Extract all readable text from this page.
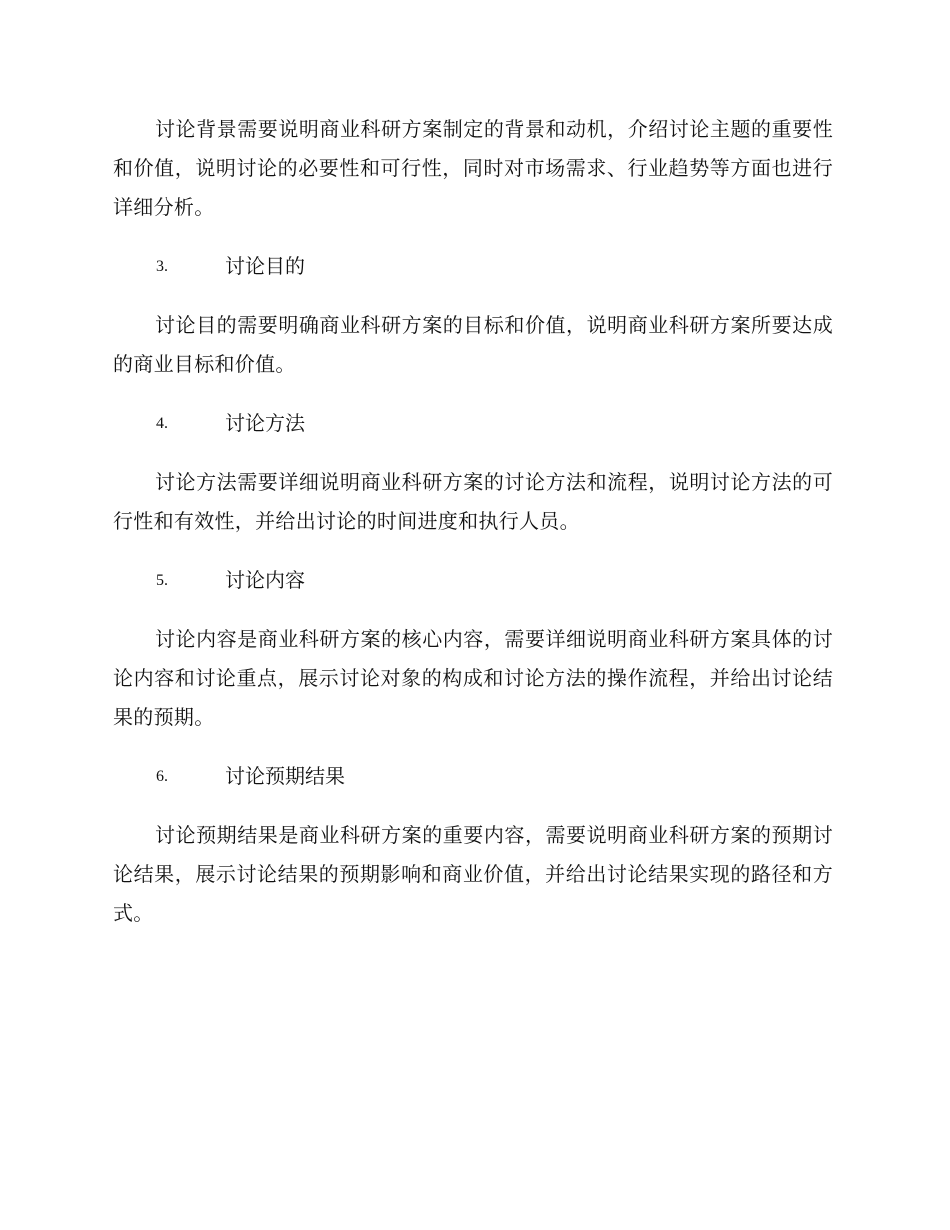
讨论背景需要说明商业科研方案制定的背景和动机，介绍讨论主题的重要性和价值，说明讨论的必要性和可行性，同时对市场需求、行业趋势等方面也进行详细分析。

3.	讨论目的

讨论目的需要明确商业科研方案的目标和价值，说明商业科研方案所要达成的商业目标和价值。

4.	讨论方法

讨论方法需要详细说明商业科研方案的讨论方法和流程，说明讨论方法的可行性和有效性，并给出讨论的时间进度和执行人员。

5.	讨论内容

讨论内容是商业科研方案的核心内容，需要详细说明商业科研方案具体的讨论内容和讨论重点，展示讨论对象的构成和讨论方法的操作流程，并给出讨论结果的预期。

6.	讨论预期结果

讨论预期结果是商业科研方案的重要内容，需要说明商业科研方案的预期讨论结果，展示讨论结果的预期影响和商业价值，并给出讨论结果实现的路径和方式。
